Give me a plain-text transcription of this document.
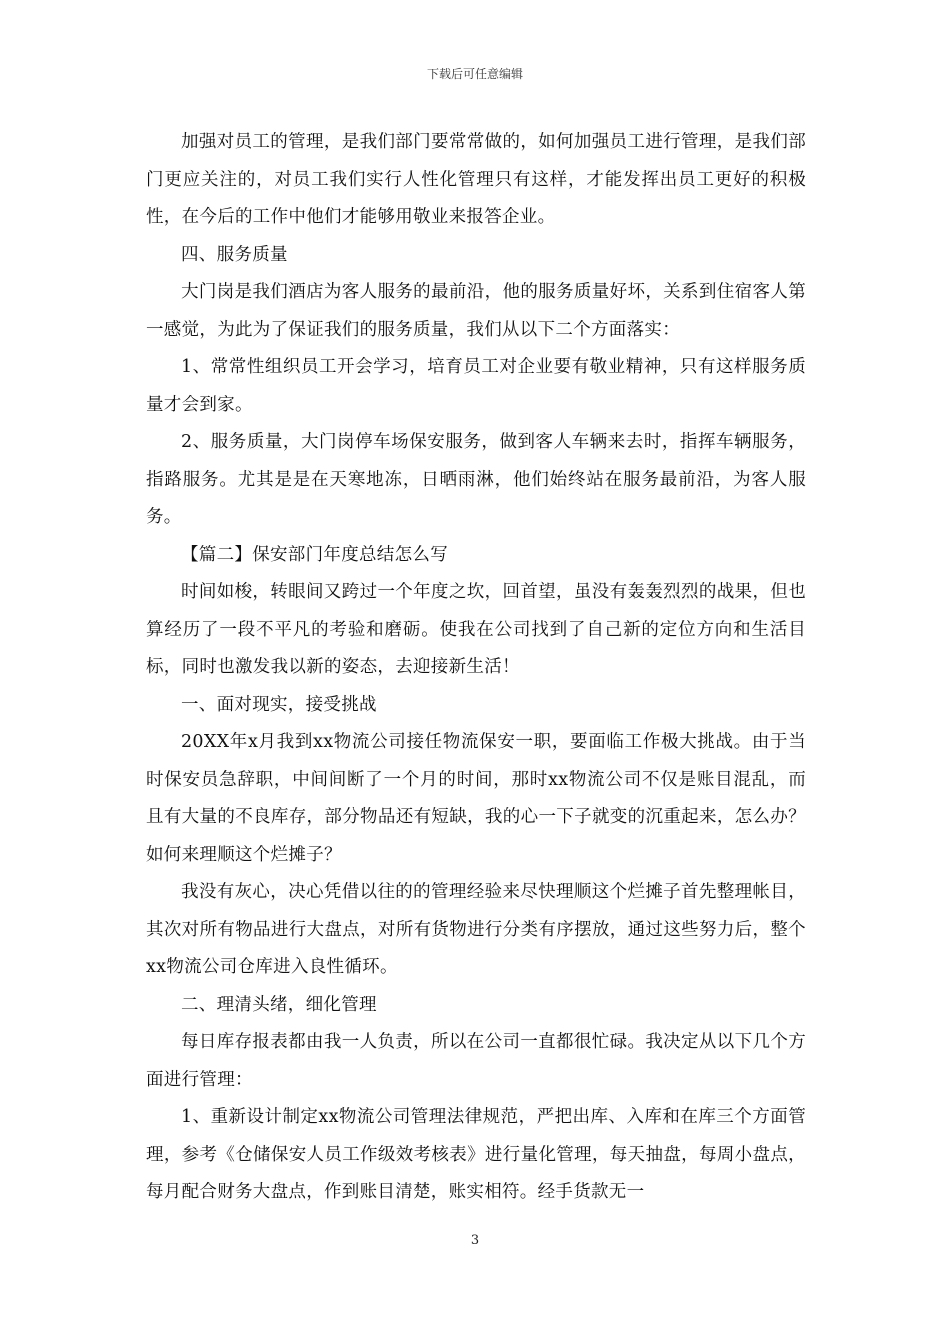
下载后可任意编辑

加强对员工的管理，是我们部门要常常做的，如何加强员工进行管理，是我们部门更应关注的，对员工我们实行人性化管理只有这样，才能发挥出员工更好的积极性，在今后的工作中他们才能够用敬业来报答企业。

四、服务质量

大门岗是我们酒店为客人服务的最前沿，他的服务质量好坏，关系到住宿客人第一感觉，为此为了保证我们的服务质量，我们从以下二个方面落实：

1、常常性组织员工开会学习，培育员工对企业要有敬业精神，只有这样服务质量才会到家。

2、服务质量，大门岗停车场保安服务，做到客人车辆来去时，指挥车辆服务，指路服务。尤其是是在天寒地冻，日晒雨淋，他们始终站在服务最前沿，为客人服务。

【篇二】保安部门年度总结怎么写

时间如梭，转眼间又跨过一个年度之坎，回首望，虽没有轰轰烈烈的战果，但也算经历了一段不平凡的考验和磨砺。使我在公司找到了自己新的定位方向和生活目标，同时也激发我以新的姿态，去迎接新生活！

一、面对现实，接受挑战

20XX年x月我到xx物流公司接任物流保安一职，要面临工作极大挑战。由于当时保安员急辞职，中间间断了一个月的时间，那时xx物流公司不仅是账目混乱，而且有大量的不良库存，部分物品还有短缺，我的心一下子就变的沉重起来，怎么办？如何来理顺这个烂摊子？

我没有灰心，决心凭借以往的的管理经验来尽快理顺这个烂摊子首先整理帐目，其次对所有物品进行大盘点，对所有货物进行分类有序摆放，通过这些努力后，整个xx物流公司仓库进入良性循环。

二、理清头绪，细化管理

每日库存报表都由我一人负责，所以在公司一直都很忙碌。我决定从以下几个方面进行管理：

1、重新设计制定xx物流公司管理法律规范，严把出库、入库和在库三个方面管理，参考《仓储保安人员工作级效考核表》进行量化管理，每天抽盘，每周小盘点，每月配合财务大盘点，作到账目清楚，账实相符。经手货款无一

3
